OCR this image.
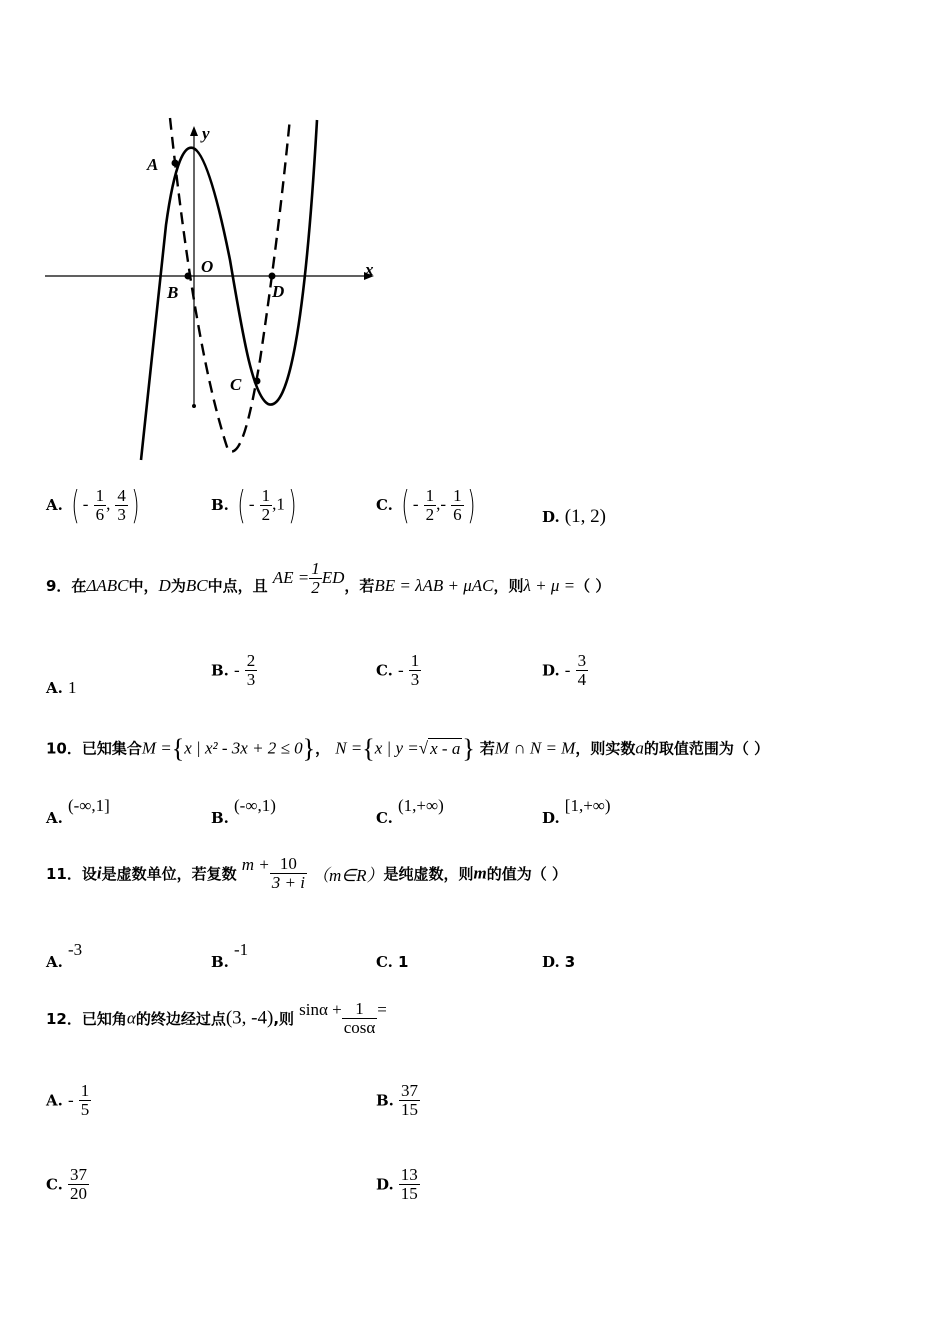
y
x
O
A
B	D
C
A. ( - $\frac{1}{6}$ , $\frac{4}{3}$ )	B. ( - $\frac{1}{2} ,1$)	C. ( - $\frac{1}{2}$ ,- $\frac{1}{6}$ )	D. (1, 2)
9．在ΔABC中，D为BC中点，且 AE = $\frac{1}{2}$ ED，若BE = λAB + μAC，则λ + μ =（ ）
A. 1
B. - $\frac{2}{3}$	C. - $\frac{1}{3}$	D. - $\frac{3}{4}$
10．已知集合M ={x | x² - 3x + 2 ≤ 0}， N ={x | y =√ x - a} 若M ∩ N = M，则实数a的取值范围为（ ）
A. (-∞,1]
B. (-∞,1)
C. (1,+∞)
D. [1,+∞)
11．设i是虚数单位，若复数 $m + \frac{10}{3 + i}$ （m∈R）是纯虚数，则m的值为（ ）
A. -3
B. -1
C. 1	D. 3
12．已知角α的终边经过点(3, -4),则 $\sin\alpha + \frac{1}{\cos\alpha}$ =
A. - $\frac{1}{5}$	B. $\frac{37}{15}$
C. $\frac{37}{20}$	D. $\frac{13}{15}$
